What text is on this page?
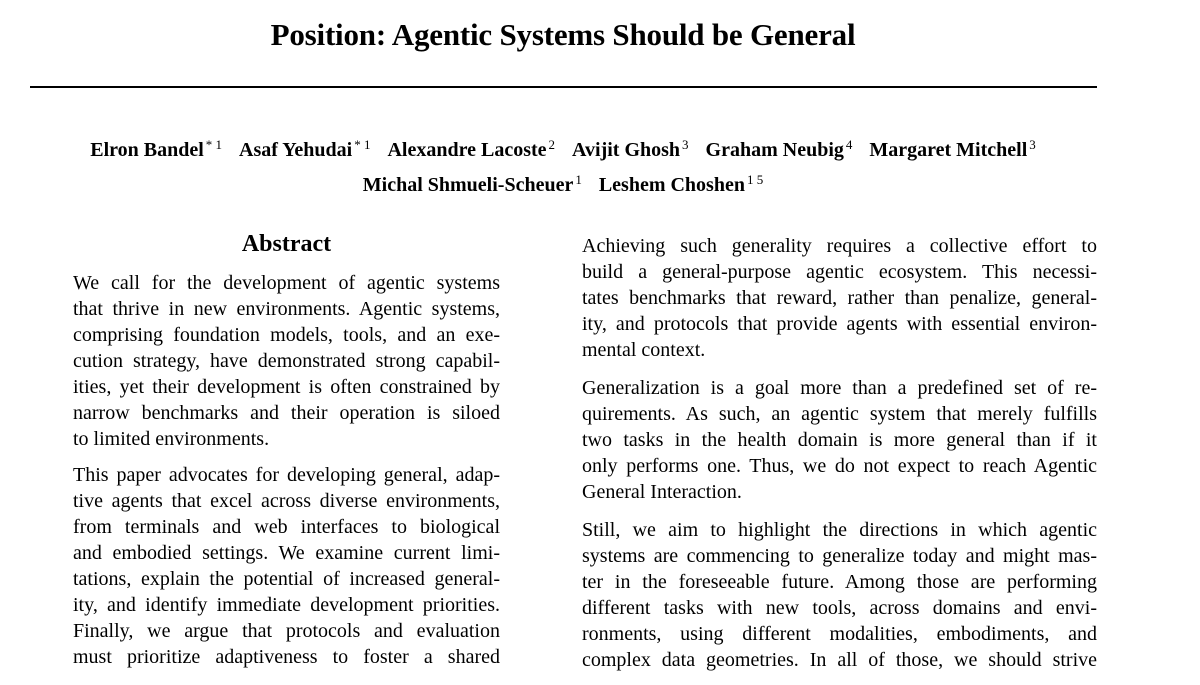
Position: Agentic Systems Should be General
Elron Bandel $^{* 1}$ Asaf Yehudai $^{* 1}$ Alexandre Lacoste $^2$ Avijit Ghosh $^3$ Graham Neubig $^4$ Margaret Mitchell $^3$
Michal Shmueli-Scheuer $^1$ Leshem Choshen $^{1 5}$
Abstract

We call for the development of agentic systems
that thrive in new environments. Agentic systems,
comprising foundation models, tools, and an exe-
cution strategy, have demonstrated strong capabil-
ities, yet their development is often constrained by
narrow benchmarks and their operation is siloed
to limited environments.

This paper advocates for developing general, adap-
tive agents that excel across diverse environments,
from terminals and web interfaces to biological
and embodied settings. We examine current limi-
tations, explain the potential of increased general-
ity, and identify immediate development priorities.
Finally, we argue that protocols and evaluation
must prioritize adaptiveness to foster a shared

Achieving such generality requires a collective effort to
build a general-purpose agentic ecosystem. This necessi-
tates benchmarks that reward, rather than penalize, general-
ity, and protocols that provide agents with essential environ-
mental context.

Generalization is a goal more than a predefined set of re-
quirements. As such, an agentic system that merely fulfills
two tasks in the health domain is more general than if it
only performs one. Thus, we do not expect to reach Agentic
General Interaction.

Still, we aim to highlight the directions in which agentic
systems are commencing to generalize today and might mas-
ter in the foreseeable future. Among those are performing
different tasks with new tools, across domains and envi-
ronments, using different modalities, embodiments, and
complex data geometries. In all of those, we should strive
